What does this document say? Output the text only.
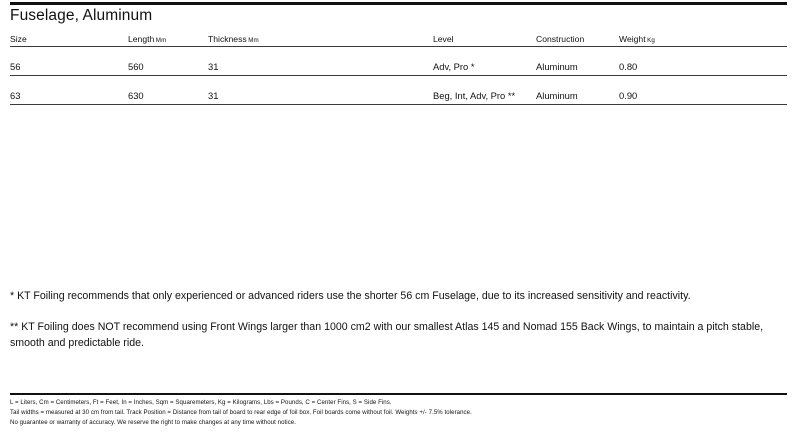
Fuselage, Aluminum
Size	Length Mm	Thickness Mm	Level	Construction	Weight Kg
56	560	31	Adv, Pro *	Aluminum	0.80
63	630	31	Beg, Int, Adv, Pro **	Aluminum	0.90
* KT Foiling recommends that only experienced or advanced riders use the shorter 56 cm Fuselage, due to its increased sensitivity and reactivity.
** KT Foiling does NOT recommend using Front Wings larger than 1000 cm2 with our smallest Atlas 145 and Nomad 155 Back Wings, to maintain a pitch stable, smooth and predictable ride.
L = Liters, Cm = Centimeters, Ft = Feet, In = Inches, Sqm = Squaremeters, Kg = Kilograms, Lbs = Pounds, C = Center Fins, S = Side Fins.
Tail widths = measured at 30 cm from tail. Track Position = Distance from tail of board to rear edge of foil box. Foil boards come without foil. Weights +/- 7.5% tolerance.
No guarantee or warranty of accuracy. We reserve the right to make changes at any time without notice.
